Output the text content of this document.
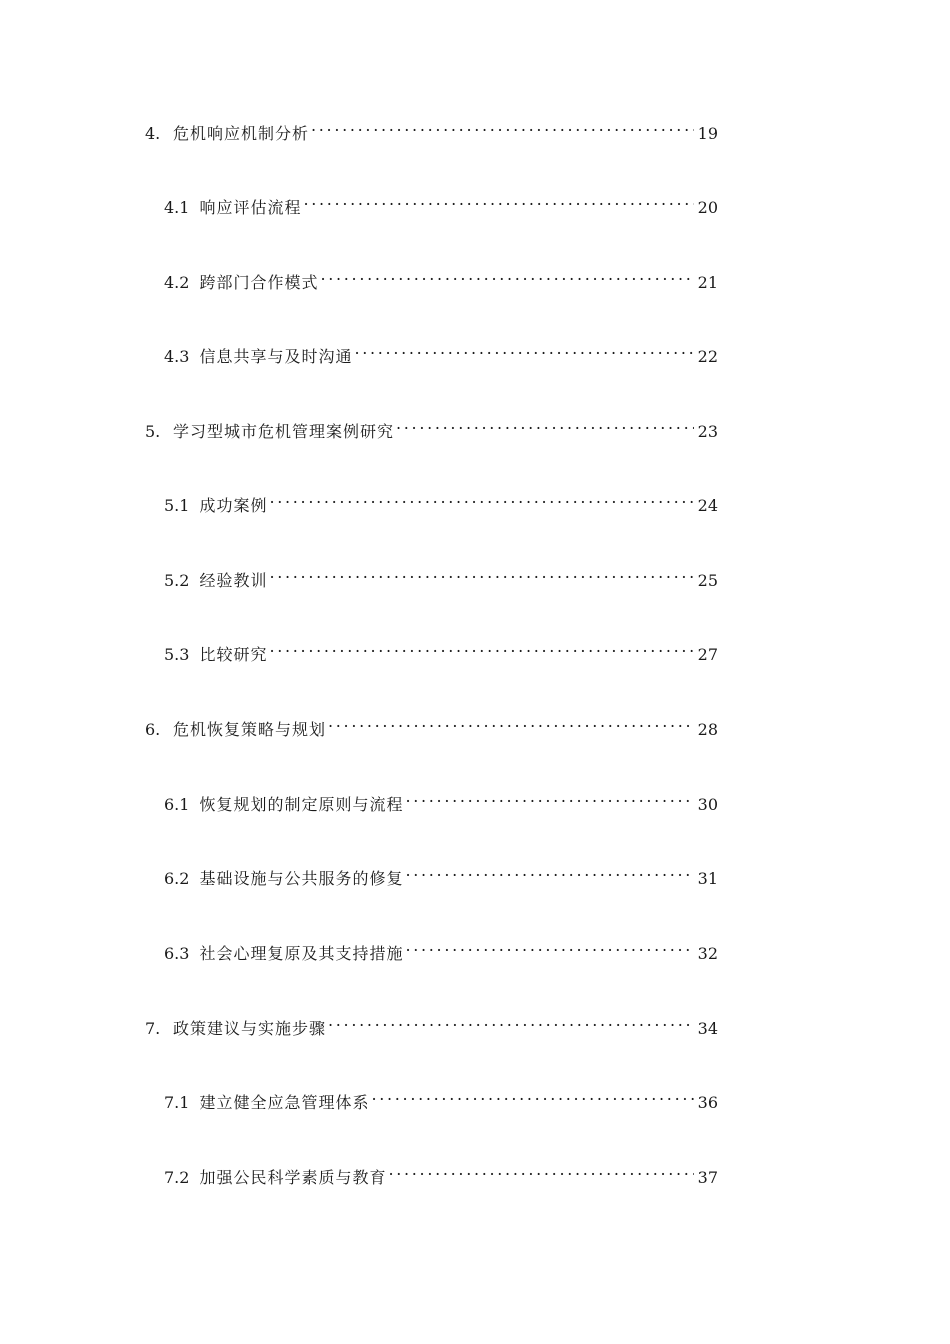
4. 危机响应机制分析 . . .	19
4.1 响应评估流程 . . .	20
4.2 跨部门合作模式 . . .	21
4.3 信息共享与及时沟通 . . .	22
5. 学习型城市危机管理案例研究 . . .	23
5.1 成功案例 . . .	24
5.2 经验教训 . . .	25
5.3 比较研究 . . .	27
6. 危机恢复策略与规划 . . .	28
6.1 恢复规划的制定原则与流程 . . .	30
6.2 基础设施与公共服务的修复 . . .	31
6.3 社会心理复原及其支持措施 . . .	32
7. 政策建议与实施步骤 . . .	34
7.1 建立健全应急管理体系 . . .	36
7.2 加强公民科学素质与教育 . . .	37
